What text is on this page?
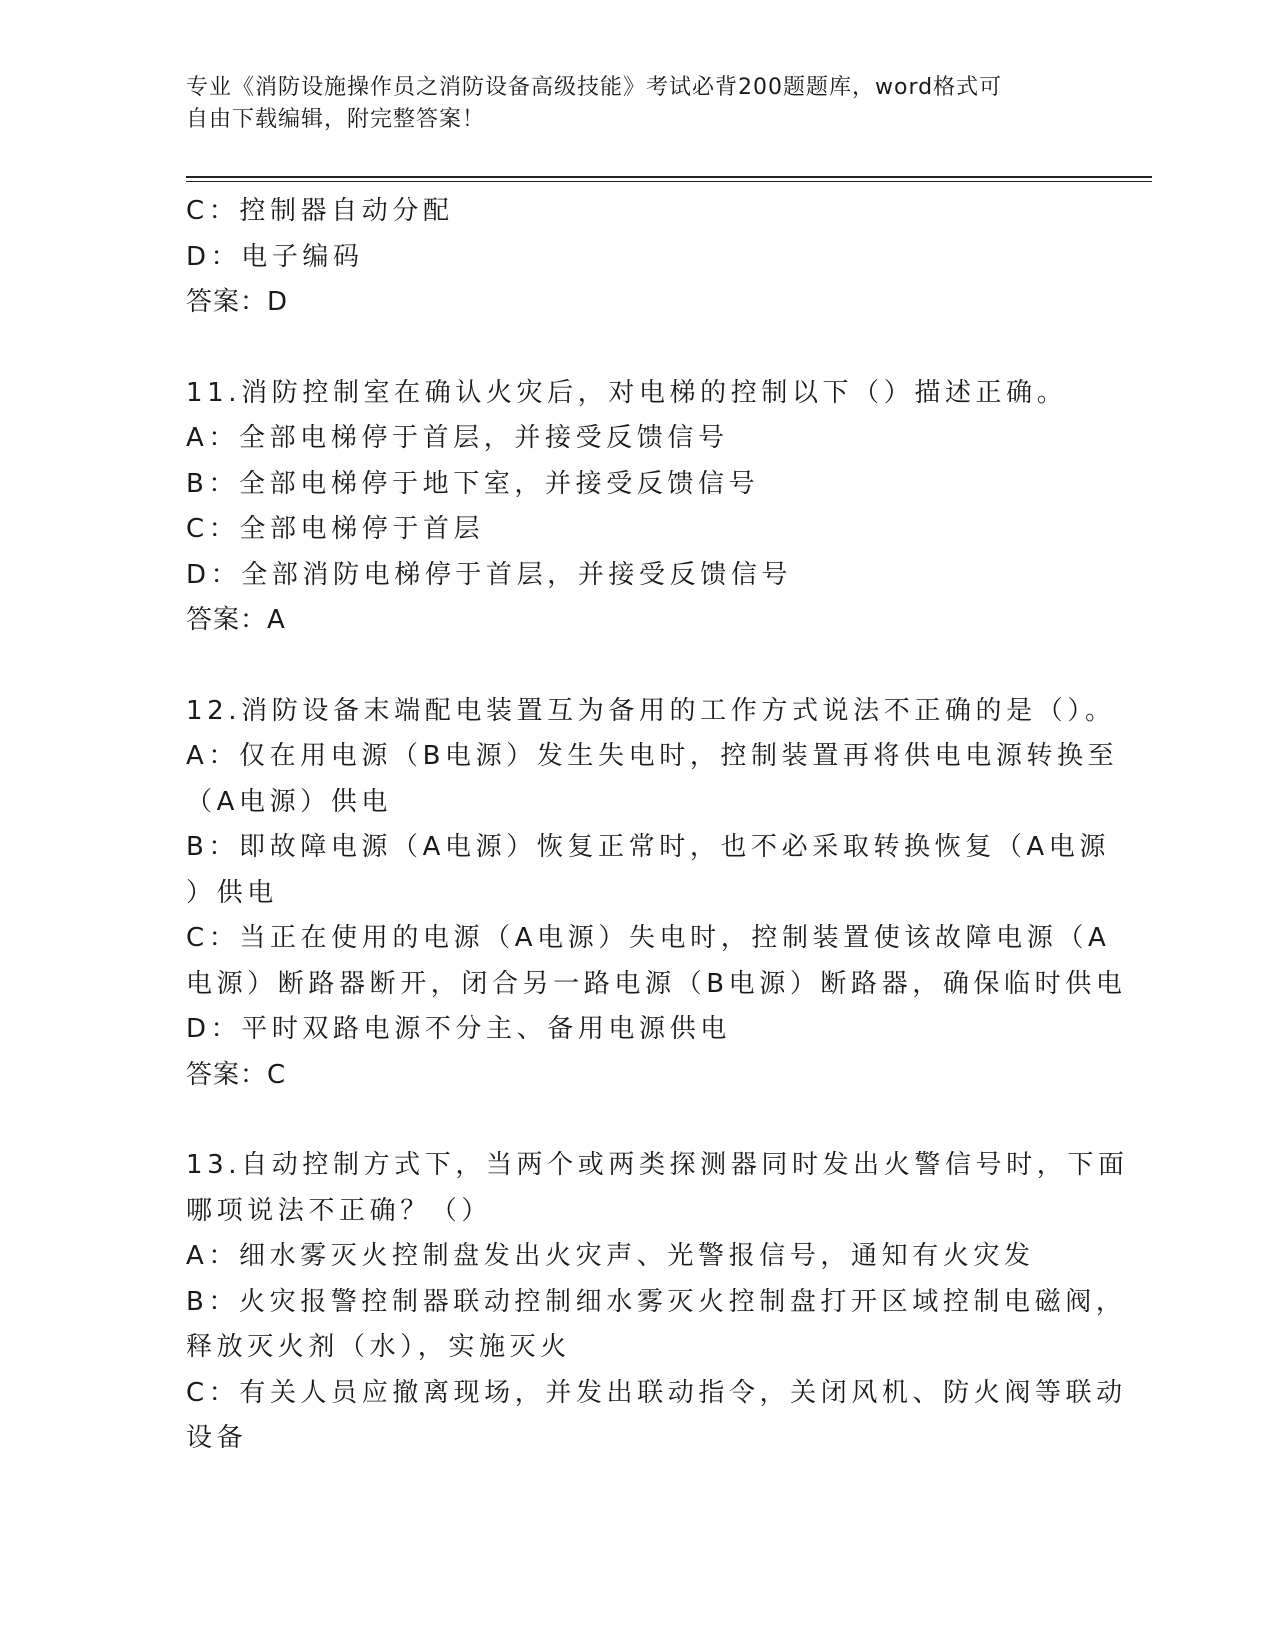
专业《消防设施操作员之消防设备高级技能》考试必背200题题库，word格式可
自由下载编辑，附完整答案！
C：控制器自动分配
D：电子编码
答案：D
11.消防控制室在确认火灾后，对电梯的控制以下（）描述正确。
A：全部电梯停于首层，并接受反馈信号
B：全部电梯停于地下室，并接受反馈信号
C：全部电梯停于首层
D：全部消防电梯停于首层，并接受反馈信号
答案：A
12.消防设备末端配电装置互为备用的工作方式说法不正确的是（）。
A：仅在用电源（B电源）发生失电时，控制装置再将供电电源转换至
（A电源）供电
B：即故障电源（A电源）恢复正常时，也不必采取转换恢复（A电源
）供电
C：当正在使用的电源（A电源）失电时，控制装置使该故障电源（A
电源）断路器断开，闭合另一路电源（B电源）断路器，确保临时供电
D：平时双路电源不分主、备用电源供电
答案：C
13.自动控制方式下，当两个或两类探测器同时发出火警信号时，下面
哪项说法不正确？（）
A：细水雾灭火控制盘发出火灾声、光警报信号，通知有火灾发
B：火灾报警控制器联动控制细水雾灭火控制盘打开区域控制电磁阀，
释放灭火剂（水），实施灭火
C：有关人员应撤离现场，并发出联动指令，关闭风机、防火阀等联动
设备
